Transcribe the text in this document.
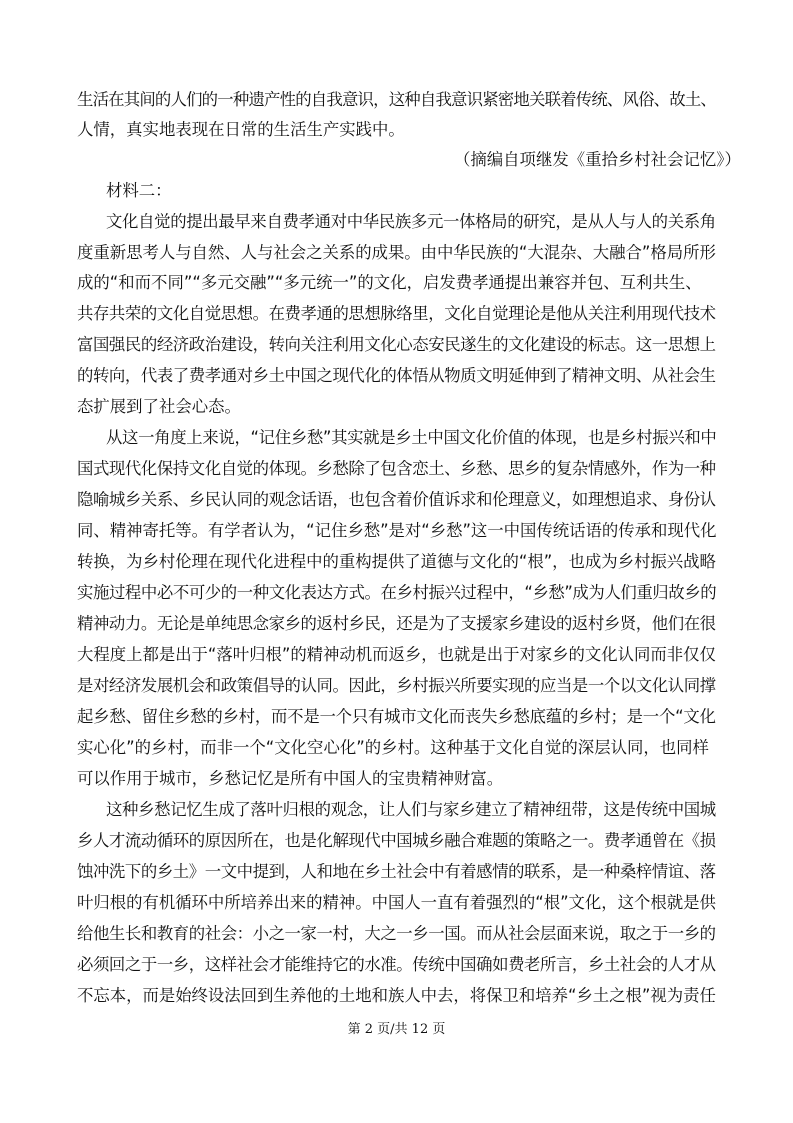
生活在其间的人们的一种遗产性的自我意识，这种自我意识紧密地关联着传统、风俗、故土、
人情，真实地表现在日常的生活生产实践中。
（摘编自项继发《重拾乡村社会记忆》）
材料二：
文化自觉的提出最早来自费孝通对中华民族多元一体格局的研究，是从人与人的关系角
度重新思考人与自然、人与社会之关系的成果。由中华民族的“大混杂、大融合”格局所形
成的“和而不同”“多元交融”“多元统一”的文化，启发费孝通提出兼容并包、互利共生、
共存共荣的文化自觉思想。在费孝通的思想脉络里，文化自觉理论是他从关注利用现代技术
富国强民的经济政治建设，转向关注利用文化心态安民遂生的文化建设的标志。这一思想上
的转向，代表了费孝通对乡土中国之现代化的体悟从物质文明延伸到了精神文明、从社会生
态扩展到了社会心态。
从这一角度上来说，“记住乡愁”其实就是乡土中国文化价值的体现，也是乡村振兴和中
国式现代化保持文化自觉的体现。乡愁除了包含恋土、乡愁、思乡的复杂情感外，作为一种
隐喻城乡关系、乡民认同的观念话语，也包含着价值诉求和伦理意义，如理想追求、身份认
同、精神寄托等。有学者认为，“记住乡愁”是对“乡愁”这一中国传统话语的传承和现代化
转换，为乡村伦理在现代化进程中的重构提供了道德与文化的“根”，也成为乡村振兴战略
实施过程中必不可少的一种文化表达方式。在乡村振兴过程中，“乡愁”成为人们重归故乡的
精神动力。无论是单纯思念家乡的返村乡民，还是为了支援家乡建设的返村乡贤，他们在很
大程度上都是出于“落叶归根”的精神动机而返乡，也就是出于对家乡的文化认同而非仅仅
是对经济发展机会和政策倡导的认同。因此，乡村振兴所要实现的应当是一个以文化认同撑
起乡愁、留住乡愁的乡村，而不是一个只有城市文化而丧失乡愁底蕴的乡村；是一个“文化
实心化”的乡村，而非一个“文化空心化”的乡村。这种基于文化自觉的深层认同，也同样
可以作用于城市，乡愁记忆是所有中国人的宝贵精神财富。
这种乡愁记忆生成了落叶归根的观念，让人们与家乡建立了精神纽带，这是传统中国城
乡人才流动循环的原因所在，也是化解现代中国城乡融合难题的策略之一。费孝通曾在《损
蚀冲洗下的乡土》一文中提到，人和地在乡土社会中有着感情的联系，是一种桑梓情谊、落
叶归根的有机循环中所培养出来的精神。中国人一直有着强烈的“根”文化，这个根就是供
给他生长和教育的社会：小之一家一村，大之一乡一国。而从社会层面来说，取之于一乡的
必须回之于一乡，这样社会才能维持它的水准。传统中国确如费老所言，乡土社会的人才从
不忘本，而是始终设法回到生养他的土地和族人中去，将保卫和培养“乡土之根”视为责任
第 2 页/共 12 页
